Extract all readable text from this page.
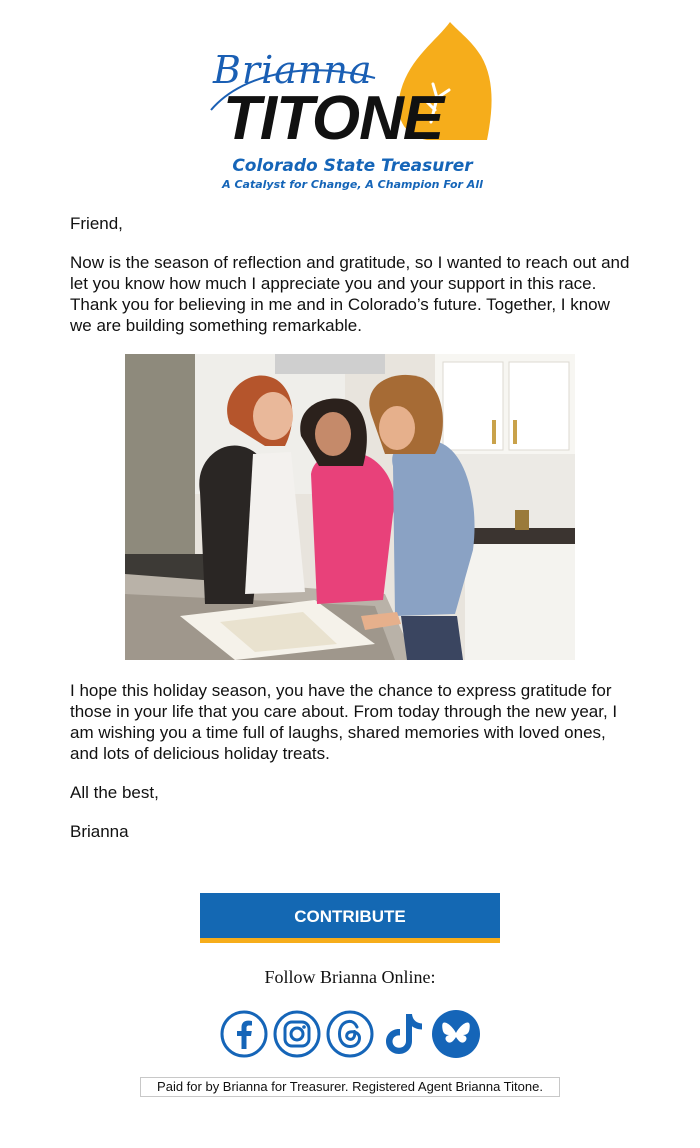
Brianna
TITONE
Colorado State Treasurer
A Catalyst for Change, A Champion For All

Friend,

Now is the season of reflection and gratitude, so I wanted to reach out and let you know how much I appreciate you and your support in this race. Thank you for believing in me and in Colorado’s future. Together, I know we are building something remarkable.

I hope this holiday season, you have the chance to express gratitude for those in your life that you care about. From today through the new year, I am wishing you a time full of laughs, shared memories with loved ones, and lots of delicious holiday treats.

All the best,

Brianna

CONTRIBUTE
Follow Brianna Online:
Paid for by Brianna for Treasurer. Registered Agent Brianna Titone.
